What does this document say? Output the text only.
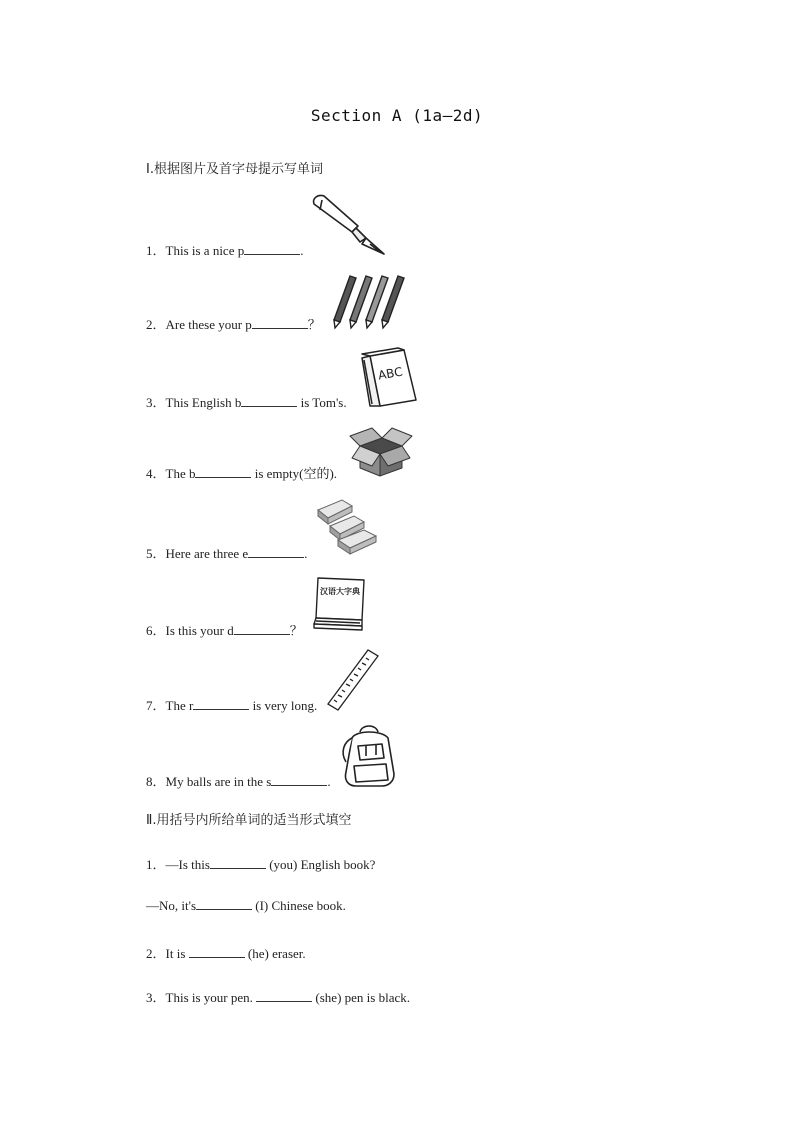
Section A (1a—2d)
Ⅰ.根据图片及首字母提示写单词
1．This is a nice p	.
2．Are these your p	？
3．This English b	is Tom's.
4．The b	is empty(空的).
5．Here are three e	.
6．Is this your d	？
7．The r	is very long.
8．My balls are in the s	.
ABC
汉语大字典
Ⅱ.用括号内所给单词的适当形式填空
1．—Is this	(you) English book?
—No, it's	(I) Chinese book.
2．It is	(he) eraser.
3．This is your pen.	(she) pen is black.
